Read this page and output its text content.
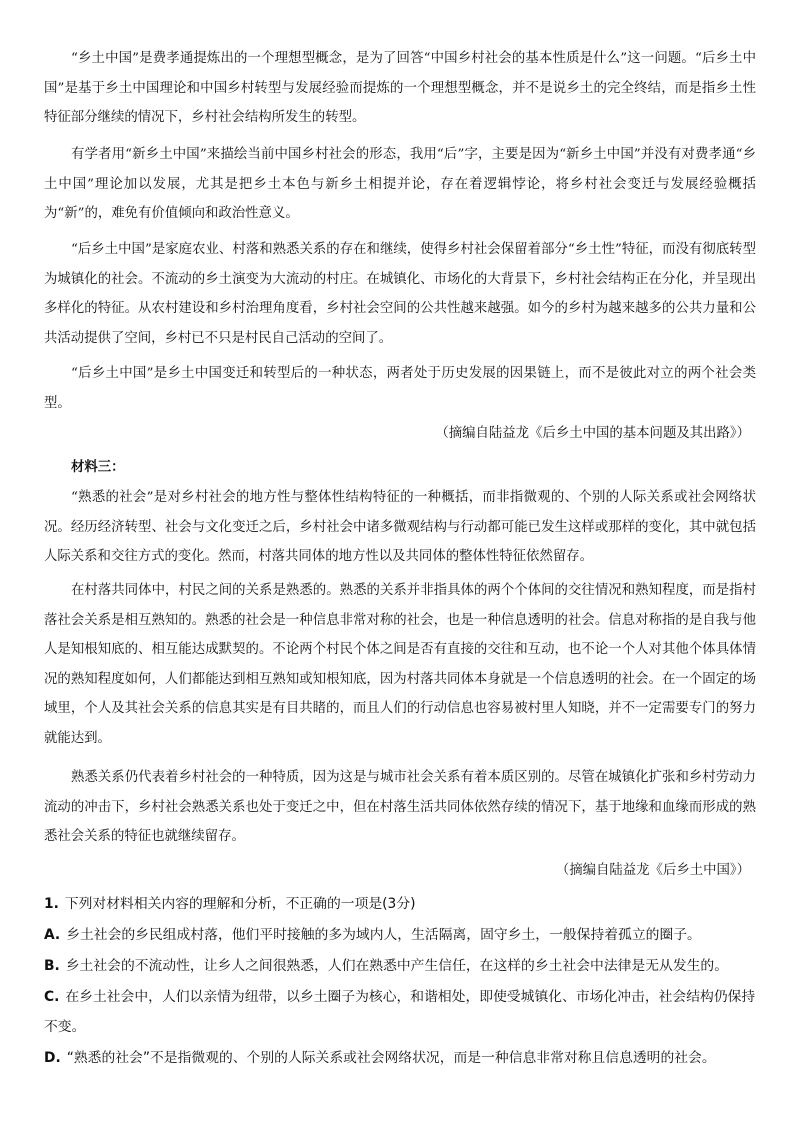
“乡土中国”是费孝通提炼出的一个理想型概念，是为了回答“中国乡村社会的基本性质是什么”这一问题。“后乡土中国”是基于乡土中国理论和中国乡村转型与发展经验而提炼的一个理想型概念，并不是说乡土的完全终结，而是指乡土性特征部分继续的情况下，乡村社会结构所发生的转型。
有学者用“新乡土中国”来描绘当前中国乡村社会的形态，我用“后”字，主要是因为“新乡土中国”并没有对费孝通“乡土中国”理论加以发展，尤其是把乡土本色与新乡土相提并论，存在着逻辑悖论，将乡村社会变迁与发展经验概括为“新”的，难免有价值倾向和政治性意义。
“后乡土中国”是家庭农业、村落和熟悉关系的存在和继续，使得乡村社会保留着部分“乡土性”特征，而没有彻底转型为城镇化的社会。不流动的乡土演变为大流动的村庄。在城镇化、市场化的大背景下，乡村社会结构正在分化，并呈现出多样化的特征。从农村建设和乡村治理角度看，乡村社会空间的公共性越来越强。如今的乡村为越来越多的公共力量和公共活动提供了空间，乡村已不只是村民自己活动的空间了。
“后乡土中国”是乡土中国变迁和转型后的一种状态，两者处于历史发展的因果链上，而不是彼此对立的两个社会类型。
（摘编自陆益龙《后乡土中国的基本问题及其出路》）
材料三：
“熟悉的社会”是对乡村社会的地方性与整体性结构特征的一种概括，而非指微观的、个别的人际关系或社会网络状况。经历经济转型、社会与文化变迁之后，乡村社会中诸多微观结构与行动都可能已发生这样或那样的变化，其中就包括人际关系和交往方式的变化。然而，村落共同体的地方性以及共同体的整体性特征依然留存。
在村落共同体中，村民之间的关系是熟悉的。熟悉的关系并非指具体的两个个体间的交往情况和熟知程度，而是指村落社会关系是相互熟知的。熟悉的社会是一种信息非常对称的社会，也是一种信息透明的社会。信息对称指的是自我与他人是知根知底的、相互能达成默契的。不论两个村民个体之间是否有直接的交往和互动，也不论一个人对其他个体具体情况的熟知程度如何，人们都能达到相互熟知或知根知底，因为村落共同体本身就是一个信息透明的社会。在一个固定的场域里，个人及其社会关系的信息其实是有目共睹的，而且人们的行动信息也容易被村里人知晓，并不一定需要专门的努力就能达到。
熟悉关系仍代表着乡村社会的一种特质，因为这是与城市社会关系有着本质区别的。尽管在城镇化扩张和乡村劳动力流动的冲击下，乡村社会熟悉关系也处于变迁之中，但在村落生活共同体依然存续的情况下，基于地缘和血缘而形成的熟悉社会关系的特征也就继续留存。
（摘编自陆益龙《后乡土中国》）
1. 下列对材料相关内容的理解和分析，不正确的一项是(3分)
A. 乡土社会的乡民组成村落，他们平时接触的多为域内人，生活隔离，固守乡土，一般保持着孤立的圈子。
B. 乡土社会的不流动性，让乡人之间很熟悉，人们在熟悉中产生信任，在这样的乡土社会中法律是无从发生的。
C. 在乡土社会中，人们以亲情为纽带，以乡土圈子为核心，和谐相处，即使受城镇化、市场化冲击，社会结构仍保持不变。
D. “熟悉的社会”不是指微观的、个别的人际关系或社会网络状况，而是一种信息非常对称且信息透明的社会。
